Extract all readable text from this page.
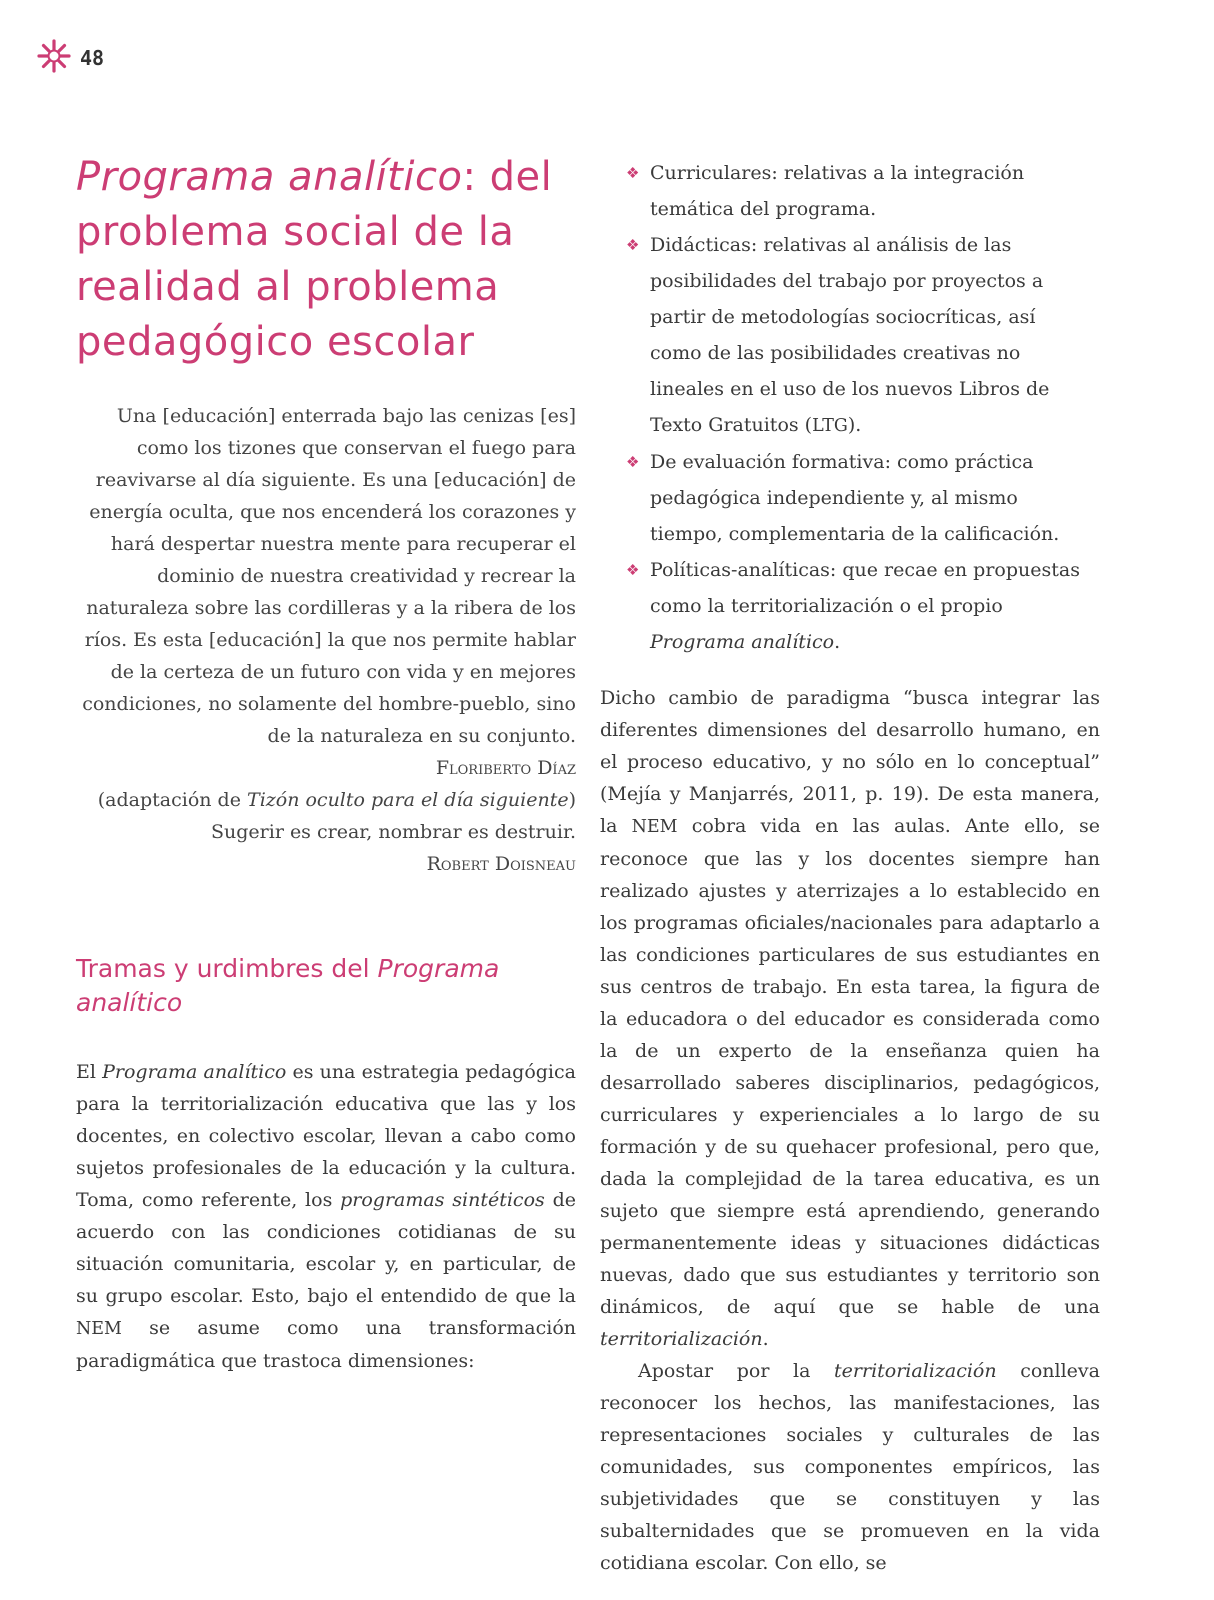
48
Programa analítico: del problema social de la realidad al problema pedagógico escolar

Una [educación] enterrada bajo las cenizas [es] como los tizones que conservan el fuego para reavivarse al día siguiente. Es una [educación] de energía oculta, que nos encenderá los corazones y hará despertar nuestra mente para recuperar el dominio de nuestra creatividad y recrear la naturaleza sobre las cordilleras y a la ribera de los ríos. Es esta [educación] la que nos permite hablar de la certeza de un futuro con vida y en mejores condiciones, no solamente del hombre-pueblo, sino de la naturaleza en su conjunto.

Floriberto Díaz

(adaptación de Tizón oculto para el día siguiente)

Sugerir es crear, nombrar es destruir.

Robert Doisneau

Tramas y urdimbres del Programa analítico

El Programa analítico es una estrategia pedagógica para la territorialización educativa que las y los docentes, en colectivo escolar, llevan a cabo como sujetos profesionales de la educación y la cultura. Toma, como referente, los programas sintéticos de acuerdo con las condiciones cotidianas de su situación comunitaria, escolar y, en particular, de su grupo escolar. Esto, bajo el entendido de que la NEM se asume como una transformación paradigmática que trastoca dimensiones:

❖ Curriculares: relativas a la integración temática del programa.
❖ Didácticas: relativas al análisis de las posibilidades del trabajo por proyectos a partir de metodologías sociocríticas, así como de las posibilidades creativas no lineales en el uso de los nuevos Libros de Texto Gratuitos (LTG).
❖ De evaluación formativa: como práctica pedagógica independiente y, al mismo tiempo, complementaria de la calificación.
❖ Políticas-analíticas: que recae en propuestas como la territorialización o el propio Programa analítico.

Dicho cambio de paradigma “busca integrar las diferentes dimensiones del desarrollo humano, en el proceso educativo, y no sólo en lo conceptual” (Mejía y Manjarrés, 2011, p. 19). De esta manera, la NEM cobra vida en las aulas. Ante ello, se reconoce que las y los docentes siempre han realizado ajustes y aterrizajes a lo establecido en los programas oficiales/nacionales para adaptarlo a las condiciones particulares de sus estudiantes en sus centros de trabajo. En esta tarea, la figura de la educadora o del educador es considerada como la de un experto de la enseñanza quien ha desarrollado saberes disciplinarios, pedagógicos, curriculares y experienciales a lo largo de su formación y de su quehacer profesional, pero que, dada la complejidad de la tarea educativa, es un sujeto que siempre está aprendiendo, generando permanentemente ideas y situaciones didácticas nuevas, dado que sus estudiantes y territorio son dinámicos, de aquí que se hable de una territorialización.

Apostar por la territorialización conlleva reconocer los hechos, las manifestaciones, las representaciones sociales y culturales de las comunidades, sus componentes empíricos, las subjetividades que se constituyen y las subalternidades que se promueven en la vida cotidiana escolar. Con ello, se
